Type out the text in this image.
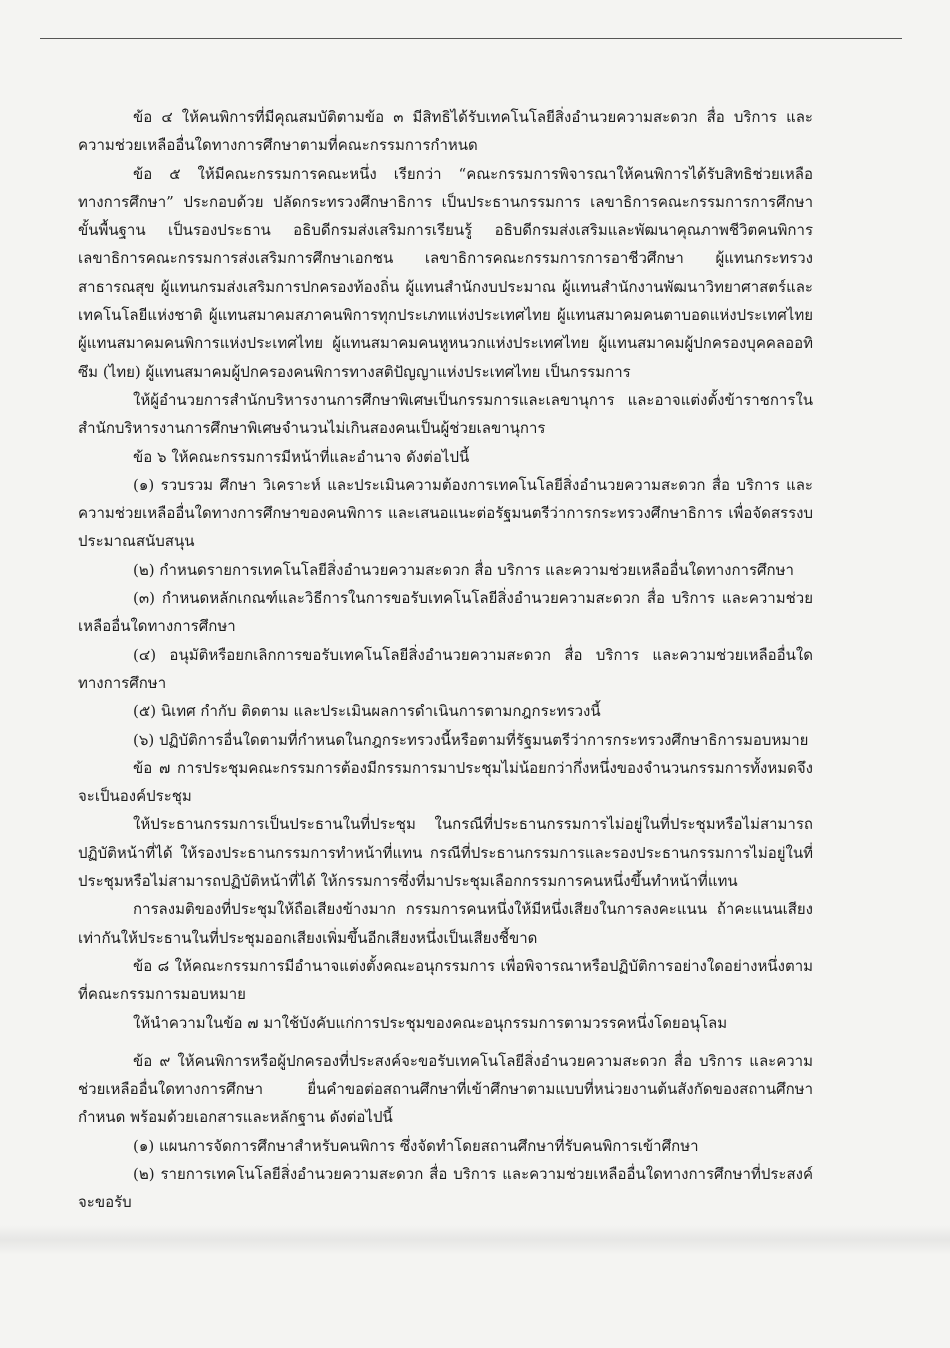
ข้อ ๔ ให้คนพิการที่มีคุณสมบัติตามข้อ ๓ มีสิทธิได้รับเทคโนโลยีสิ่งอำนวยความสะดวก สื่อ บริการ และความช่วยเหลืออื่นใดทางการศึกษาตามที่คณะกรรมการกำหนด

ข้อ ๕ ให้มีคณะกรรมการคณะหนึ่ง เรียกว่า “คณะกรรมการพิจารณาให้คนพิการได้รับสิทธิช่วยเหลือทางการศึกษา” ประกอบด้วย ปลัดกระทรวงศึกษาธิการ เป็นประธานกรรมการ เลขาธิการคณะกรรมการการศึกษาขั้นพื้นฐาน เป็นรองประธาน อธิบดีกรมส่งเสริมการเรียนรู้ อธิบดีกรมส่งเสริมและพัฒนาคุณภาพชีวิตคนพิการ เลขาธิการคณะกรรมการส่งเสริมการศึกษาเอกชน เลขาธิการคณะกรรมการการอาชีวศึกษา ผู้แทนกระทรวงสาธารณสุข ผู้แทนกรมส่งเสริมการปกครองท้องถิ่น ผู้แทนสำนักงบประมาณ ผู้แทนสำนักงานพัฒนาวิทยาศาสตร์และเทคโนโลยีแห่งชาติ ผู้แทนสมาคมสภาคนพิการทุกประเภทแห่งประเทศไทย ผู้แทนสมาคมคนตาบอดแห่งประเทศไทย ผู้แทนสมาคมคนพิการแห่งประเทศไทย ผู้แทนสมาคมคนหูหนวกแห่งประเทศไทย ผู้แทนสมาคมผู้ปกครองบุคคลออทิซึม (ไทย) ผู้แทนสมาคมผู้ปกครองคนพิการทางสติปัญญาแห่งประเทศไทย เป็นกรรมการ

ให้ผู้อำนวยการสำนักบริหารงานการศึกษาพิเศษเป็นกรรมการและเลขานุการ และอาจแต่งตั้งข้าราชการในสำนักบริหารงานการศึกษาพิเศษจำนวนไม่เกินสองคนเป็นผู้ช่วยเลขานุการ

ข้อ ๖ ให้คณะกรรมการมีหน้าที่และอำนาจ ดังต่อไปนี้

(๑) รวบรวม ศึกษา วิเคราะห์ และประเมินความต้องการเทคโนโลยีสิ่งอำนวยความสะดวก สื่อ บริการ และความช่วยเหลืออื่นใดทางการศึกษาของคนพิการ และเสนอแนะต่อรัฐมนตรีว่าการกระทรวงศึกษาธิการ เพื่อจัดสรรงบประมาณสนับสนุน

(๒) กำหนดรายการเทคโนโลยีสิ่งอำนวยความสะดวก สื่อ บริการ และความช่วยเหลืออื่นใดทางการศึกษา

(๓) กำหนดหลักเกณฑ์และวิธีการในการขอรับเทคโนโลยีสิ่งอำนวยความสะดวก สื่อ บริการ และความช่วยเหลืออื่นใดทางการศึกษา

(๔) อนุมัติหรือยกเลิกการขอรับเทคโนโลยีสิ่งอำนวยความสะดวก สื่อ บริการ และความช่วยเหลืออื่นใดทางการศึกษา

(๕) นิเทศ กำกับ ติดตาม และประเมินผลการดำเนินการตามกฎกระทรวงนี้

(๖) ปฏิบัติการอื่นใดตามที่กำหนดในกฎกระทรวงนี้หรือตามที่รัฐมนตรีว่าการกระทรวงศึกษาธิการมอบหมาย

ข้อ ๗ การประชุมคณะกรรมการต้องมีกรรมการมาประชุมไม่น้อยกว่ากึ่งหนึ่งของจำนวนกรรมการทั้งหมดจึงจะเป็นองค์ประชุม

ให้ประธานกรรมการเป็นประธานในที่ประชุม ในกรณีที่ประธานกรรมการไม่อยู่ในที่ประชุมหรือไม่สามารถปฏิบัติหน้าที่ได้ ให้รองประธานกรรมการทำหน้าที่แทน กรณีที่ประธานกรรมการและรองประธานกรรมการไม่อยู่ในที่ประชุมหรือไม่สามารถปฏิบัติหน้าที่ได้ ให้กรรมการซึ่งที่มาประชุมเลือกกรรมการคนหนึ่งขึ้นทำหน้าที่แทน

การลงมติของที่ประชุมให้ถือเสียงข้างมาก กรรมการคนหนึ่งให้มีหนึ่งเสียงในการลงคะแนน ถ้าคะแนนเสียงเท่ากันให้ประธานในที่ประชุมออกเสียงเพิ่มขึ้นอีกเสียงหนึ่งเป็นเสียงชี้ขาด

ข้อ ๘ ให้คณะกรรมการมีอำนาจแต่งตั้งคณะอนุกรรมการ เพื่อพิจารณาหรือปฏิบัติการอย่างใดอย่างหนึ่งตามที่คณะกรรมการมอบหมาย

ให้นำความในข้อ ๗ มาใช้บังคับแก่การประชุมของคณะอนุกรรมการตามวรรคหนึ่งโดยอนุโลม

ข้อ ๙ ให้คนพิการหรือผู้ปกครองที่ประสงค์จะขอรับเทคโนโลยีสิ่งอำนวยความสะดวก สื่อ บริการ และความช่วยเหลืออื่นใดทางการศึกษา ยื่นคำขอต่อสถานศึกษาที่เข้าศึกษาตามแบบที่หน่วยงานต้นสังกัดของสถานศึกษากำหนด พร้อมด้วยเอกสารและหลักฐาน ดังต่อไปนี้

(๑) แผนการจัดการศึกษาสำหรับคนพิการ ซึ่งจัดทำโดยสถานศึกษาที่รับคนพิการเข้าศึกษา

(๒) รายการเทคโนโลยีสิ่งอำนวยความสะดวก สื่อ บริการ และความช่วยเหลืออื่นใดทางการศึกษาที่ประสงค์จะขอรับ
